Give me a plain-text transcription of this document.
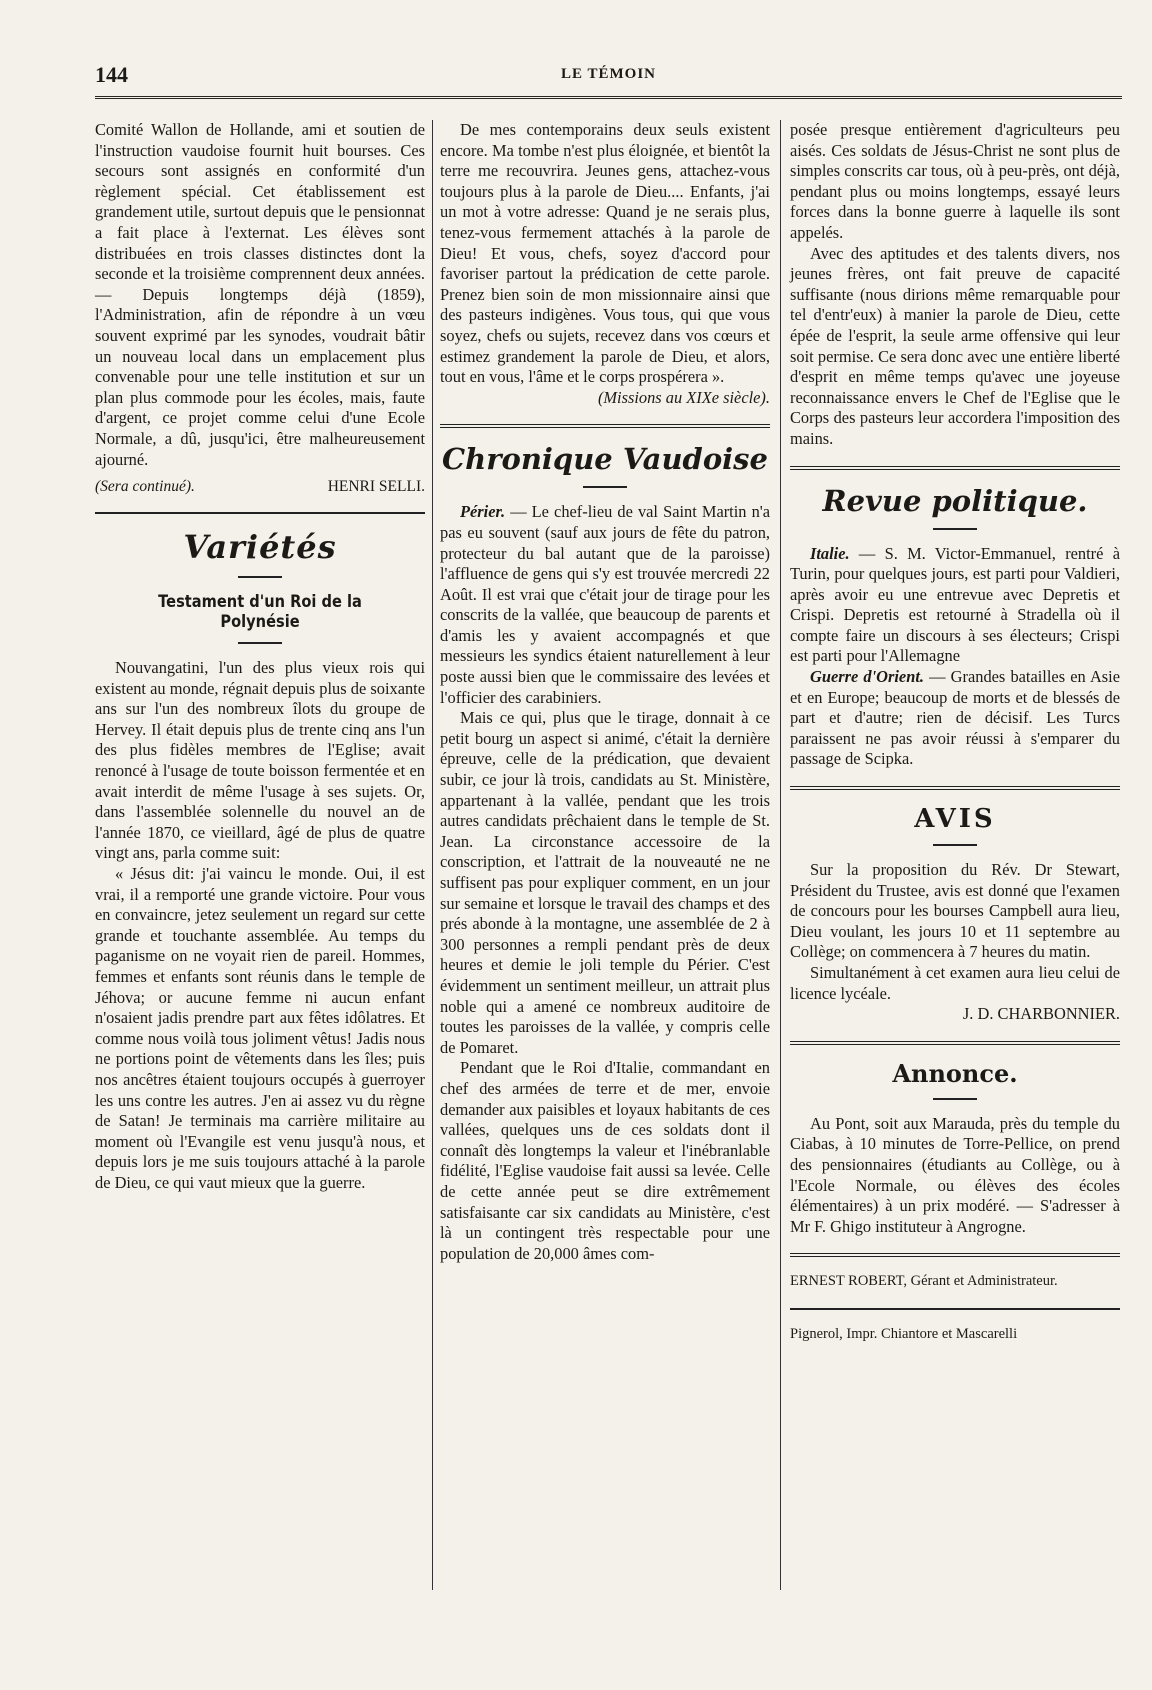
144	LE TÉMOIN

Comité Wallon de Hollande, ami et soutien de l'instruction vaudoise fournit huit bourses. Ces secours sont assignés en conformité d'un règlement spécial. Cet établissement est grandement utile, surtout depuis que le pensionnat a fait place à l'externat. Les élèves sont distribuées en trois classes distinctes dont la seconde et la troisième comprennent deux années. — Depuis longtemps déjà (1859), l'Administration, afin de répondre à un vœu souvent exprimé par les synodes, voudrait bâtir un nouveau local dans un emplacement plus convenable pour une telle institution et sur un plan plus commode pour les écoles, mais, faute d'argent, ce projet comme celui d'une Ecole Normale, a dû, jusqu'ici, être malheureusement ajourné.

(Sera continué).	HENRI SELLI.
Variétés
Testament d'un Roi de la Polynésie

Nouvangatini, l'un des plus vieux rois qui existent au monde, régnait depuis plus de soixante ans sur l'un des nombreux îlots du groupe de Hervey. Il était depuis plus de trente cinq ans l'un des plus fidèles membres de l'Eglise; avait renoncé à l'usage de toute boisson fermentée et en avait interdit de même l'usage à ses sujets. Or, dans l'assemblée solennelle du nouvel an de l'année 1870, ce vieillard, âgé de plus de quatre vingt ans, parla comme suit:

« Jésus dit: j'ai vaincu le monde. Oui, il est vrai, il a remporté une grande victoire. Pour vous en convaincre, jetez seulement un regard sur cette grande et touchante assemblée. Au temps du paganisme on ne voyait rien de pareil. Hommes, femmes et enfants sont réunis dans le temple de Jéhova; or aucune femme ni aucun enfant n'osaient jadis prendre part aux fêtes idôlatres. Et comme nous voilà tous joliment vêtus! Jadis nous ne portions point de vêtements dans les îles; puis nos ancêtres étaient toujours occupés à guerroyer les uns contre les autres. J'en ai assez vu du règne de Satan! Je terminais ma carrière militaire au moment où l'Evangile est venu jusqu'à nous, et depuis lors je me suis toujours attaché à la parole de Dieu, ce qui vaut mieux que la guerre.

De mes contemporains deux seuls existent encore. Ma tombe n'est plus éloignée, et bientôt la terre me recouvrira. Jeunes gens, attachez-vous toujours plus à la parole de Dieu.... Enfants, j'ai un mot à votre adresse: Quand je ne serais plus, tenez-vous fermement attachés à la parole de Dieu! Et vous, chefs, soyez d'accord pour favoriser partout la prédication de cette parole. Prenez bien soin de mon missionnaire ainsi que des pasteurs indigènes. Vous tous, qui que vous soyez, chefs ou sujets, recevez dans vos cœurs et estimez grandement la parole de Dieu, et alors, tout en vous, l'âme et le corps prospérera ».

(Missions au XIXe siècle).

Chronique Vaudoise

Périer. — Le chef-lieu de val Saint Martin n'a pas eu souvent (sauf aux jours de fête du patron, protecteur du bal autant que de la paroisse) l'affluence de gens qui s'y est trouvée mercredi 22 Août. Il est vrai que c'était jour de tirage pour les conscrits de la vallée, que beaucoup de parents et d'amis les y avaient accompagnés et que messieurs les syndics étaient naturellement à leur poste aussi bien que le commissaire des levées et l'officier des carabiniers.

Mais ce qui, plus que le tirage, donnait à ce petit bourg un aspect si animé, c'était la dernière épreuve, celle de la prédication, que devaient subir, ce jour là trois, candidats au St. Ministère, appartenant à la vallée, pendant que les trois autres candidats prêchaient dans le temple de St. Jean. La circonstance accessoire de la conscription, et l'attrait de la nouveauté ne ne suffisent pas pour expliquer comment, en un jour sur semaine et lorsque le travail des champs et des prés abonde à la montagne, une assemblée de 2 à 300 personnes a rempli pendant près de deux heures et demie le joli temple du Périer. C'est évidemment un sentiment meilleur, un attrait plus noble qui a amené ce nombreux auditoire de toutes les paroisses de la vallée, y compris celle de Pomaret.

Pendant que le Roi d'Italie, commandant en chef des armées de terre et de mer, envoie demander aux paisibles et loyaux habitants de ces vallées, quelques uns de ces soldats dont il connaît dès longtemps la valeur et l'inébranlable fidélité, l'Eglise vaudoise fait aussi sa levée. Celle de cette année peut se dire extrêmement satisfaisante car six candidats au Ministère, c'est là un contingent très respectable pour une population de 20,000 âmes com-

posée presque entièrement d'agriculteurs peu aisés. Ces soldats de Jésus-Christ ne sont plus de simples conscrits car tous, où à peu-près, ont déjà, pendant plus ou moins longtemps, essayé leurs forces dans la bonne guerre à laquelle ils sont appelés.

Avec des aptitudes et des talents divers, nos jeunes frères, ont fait preuve de capacité suffisante (nous dirions même remarquable pour tel d'entr'eux) à manier la parole de Dieu, cette épée de l'esprit, la seule arme offensive qui leur soit permise. Ce sera donc avec une entière liberté d'esprit en même temps qu'avec une joyeuse reconnaissance envers le Chef de l'Eglise que le Corps des pasteurs leur accordera l'imposition des mains.

Revue politique.

Italie. — S. M. Victor-Emmanuel, rentré à Turin, pour quelques jours, est parti pour Valdieri, après avoir eu une entrevue avec Depretis et Crispi. Depretis est retourné à Stradella où il compte faire un discours à ses électeurs; Crispi est parti pour l'Allemagne

Guerre d'Orient. — Grandes batailles en Asie et en Europe; beaucoup de morts et de blessés de part et d'autre; rien de décisif. Les Turcs paraissent ne pas avoir réussi à s'emparer du passage de Scipka.

AVIS

Sur la proposition du Rév. Dr Stewart, Président du Trustee, avis est donné que l'examen de concours pour les bourses Campbell aura lieu, Dieu voulant, les jours 10 et 11 septembre au Collège; on commencera à 7 heures du matin.

Simultanément à cet examen aura lieu celui de licence lycéale.

J. D. CHARBONNIER.

Annonce.

Au Pont, soit aux Marauda, près du temple du Ciabas, à 10 minutes de Torre-Pellice, on prend des pensionnaires (étudiants au Collège, ou à l'Ecole Normale, ou élèves des écoles élémentaires) à un prix modéré. — S'adresser à Mr F. Ghigo instituteur à Angrogne.

ERNEST ROBERT, Gérant et Administrateur.

Pignerol, Impr. Chiantore et Mascarelli
